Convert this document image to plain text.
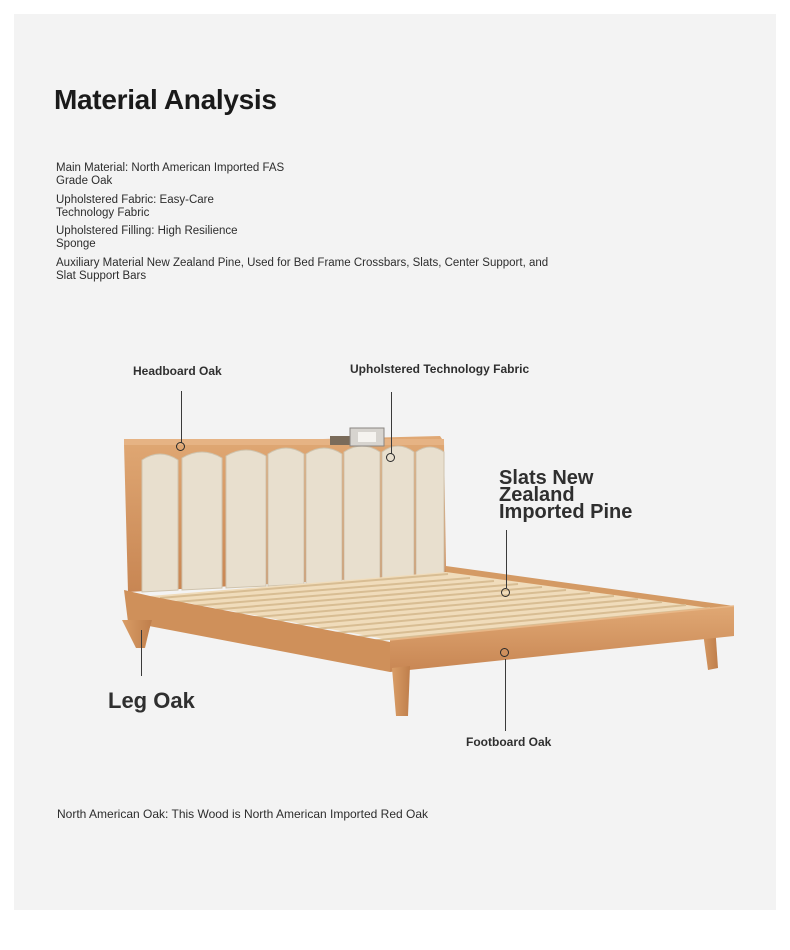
Material Analysis
Main Material: North American Imported FAS Grade Oak
Upholstered Fabric: Easy-Care Technology Fabric
Upholstered Filling: High Resilience Sponge
Auxiliary Material New Zealand Pine, Used for Bed Frame Crossbars, Slats, Center Support, and Slat Support Bars
Headboard Oak	Upholstered Technology Fabric
Slats New Zealand Imported Pine
Leg Oak
Footboard Oak
North American Oak: This Wood is North American Imported Red Oak
